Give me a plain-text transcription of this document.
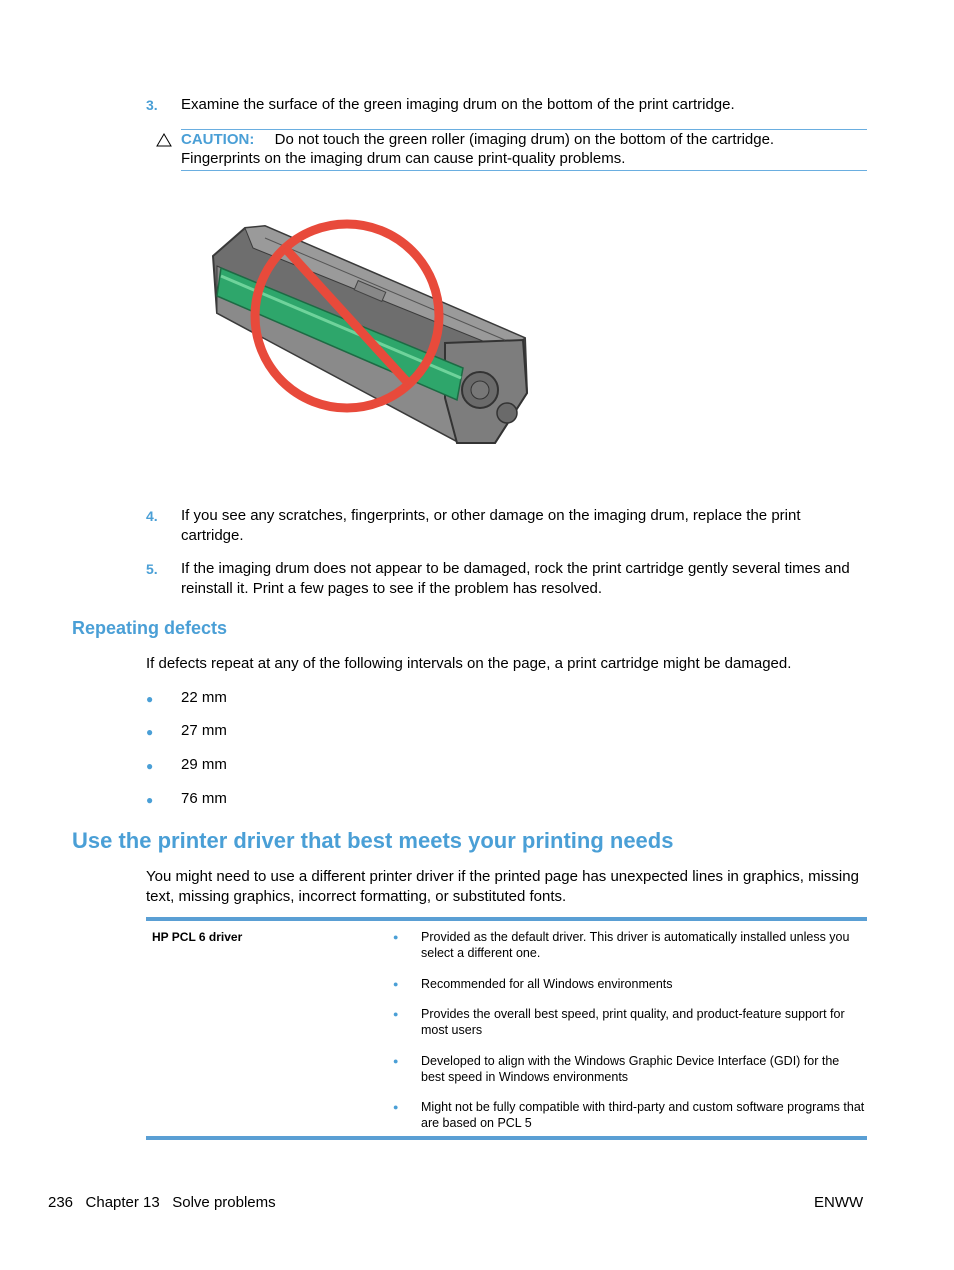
3. Examine the surface of the green imaging drum on the bottom of the print cartridge.
CAUTION: Do not touch the green roller (imaging drum) on the bottom of the cartridge.
Fingerprints on the imaging drum can cause print-quality problems.
4. If you see any scratches, fingerprints, or other damage on the imaging drum, replace the print cartridge.
5. If the imaging drum does not appear to be damaged, rock the print cartridge gently several times and reinstall it. Print a few pages to see if the problem has resolved.
Repeating defects
If defects repeat at any of the following intervals on the page, a print cartridge might be damaged.
● 22 mm
● 27 mm
● 29 mm
● 76 mm
Use the printer driver that best meets your printing needs
You might need to use a different printer driver if the printed page has unexpected lines in graphics, missing text, missing graphics, incorrect formatting, or substituted fonts.
HP PCL 6 driver	● Provided as the default driver. This driver is automatically installed unless you select a different one.
● Recommended for all Windows environments
● Provides the overall best speed, print quality, and product-feature support for most users
● Developed to align with the Windows Graphic Device Interface (GDI) for the best speed in Windows environments
● Might not be fully compatible with third-party and custom software programs that are based on PCL 5
236   Chapter 13   Solve problems	ENWW
